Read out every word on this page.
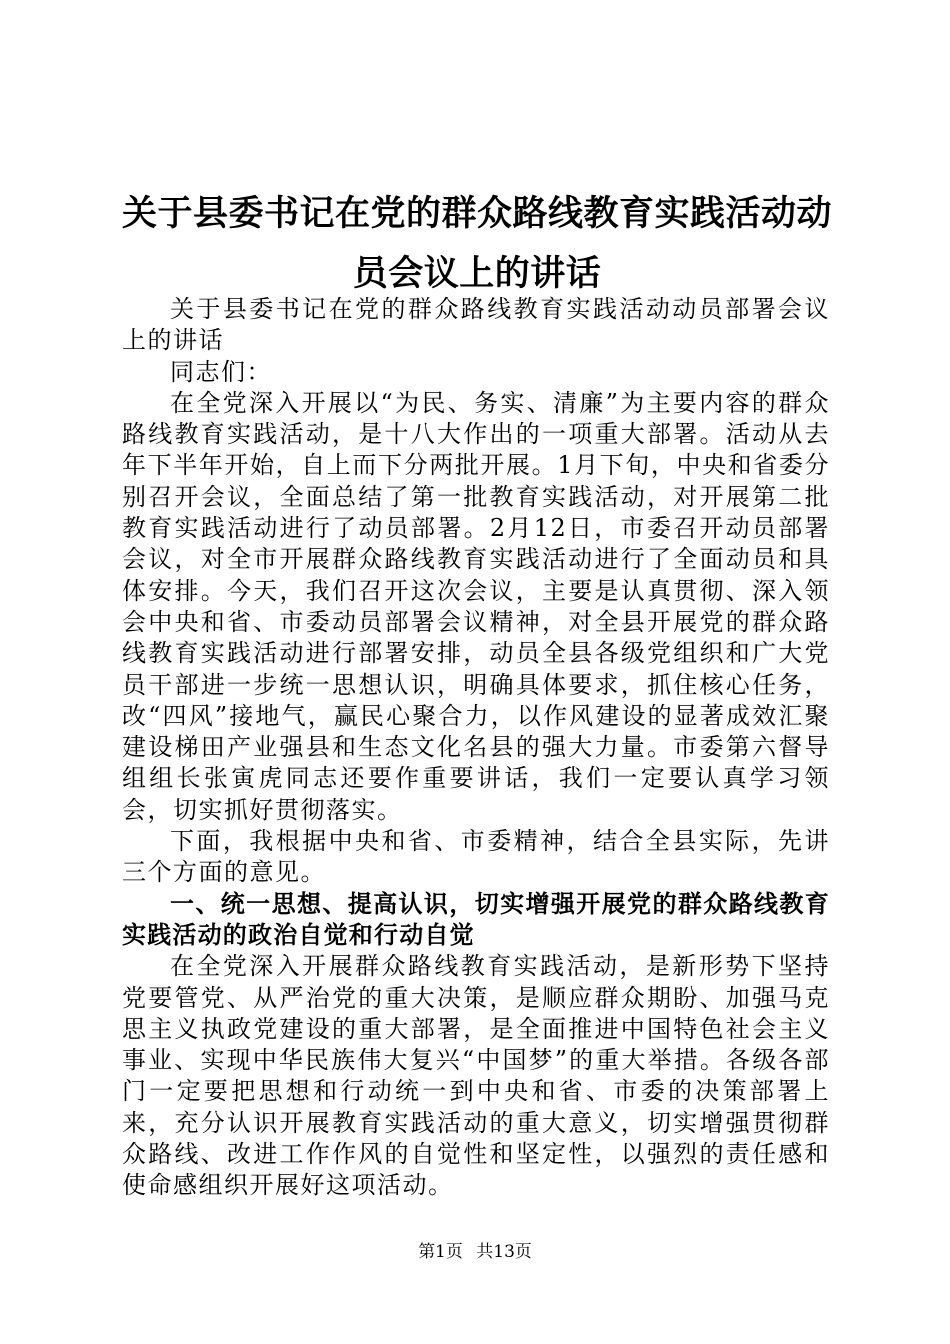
关于县委书记在党的群众路线教育实践活动动员会议上的讲话

关于县委书记在党的群众路线教育实践活动动员部署会议上的讲话

同志们：

在全党深入开展以“为民、务实、清廉”为主要内容的群众路线教育实践活动，是十八大作出的一项重大部署。活动从去年下半年开始，自上而下分两批开展。1月下旬，中央和省委分别召开会议，全面总结了第一批教育实践活动，对开展第二批教育实践活动进行了动员部署。2月12日，市委召开动员部署会议，对全市开展群众路线教育实践活动进行了全面动员和具体安排。今天，我们召开这次会议，主要是认真贯彻、深入领会中央和省、市委动员部署会议精神，对全县开展党的群众路线教育实践活动进行部署安排，动员全县各级党组织和广大党员干部进一步统一思想认识，明确具体要求，抓住核心任务，改“四风”接地气，赢民心聚合力，以作风建设的显著成效汇聚建设梯田产业强县和生态文化名县的强大力量。市委第六督导组组长张寅虎同志还要作重要讲话，我们一定要认真学习领会，切实抓好贯彻落实。

下面，我根据中央和省、市委精神，结合全县实际，先讲三个方面的意见。

一、统一思想、提高认识，切实增强开展党的群众路线教育实践活动的政治自觉和行动自觉

在全党深入开展群众路线教育实践活动，是新形势下坚持党要管党、从严治党的重大决策，是顺应群众期盼、加强马克思主义执政党建设的重大部署，是全面推进中国特色社会主义事业、实现中华民族伟大复兴“中国梦”的重大举措。各级各部门一定要把思想和行动统一到中央和省、市委的决策部署上来，充分认识开展教育实践活动的重大意义，切实增强贯彻群众路线、改进工作作风的自觉性和坚定性，以强烈的责任感和使命感组织开展好这项活动。

第1页 共13页
